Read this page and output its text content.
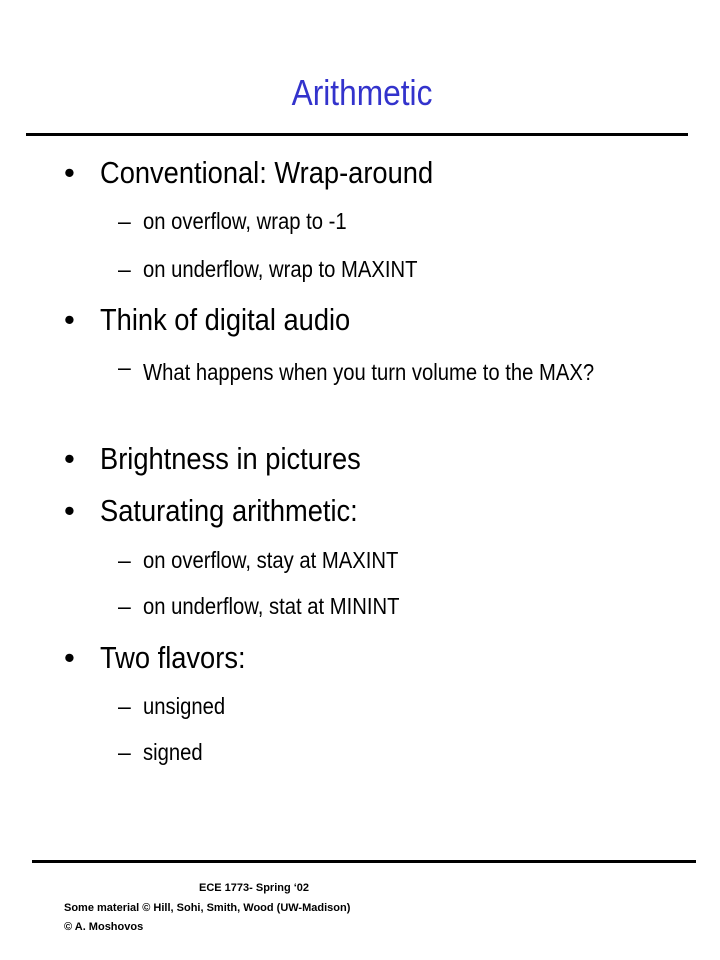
Arithmetic
• Conventional: Wrap-around
– on overflow, wrap to -1
– on underflow, wrap to MAXINT
• Think of digital audio
– What happens when you turn volume to the MAX?
• Brightness in pictures
• Saturating arithmetic:
– on overflow, stay at MAXINT
– on underflow, stat at MININT
• Two flavors:
– unsigned
– signed
ECE 1773- Spring ‘02
Some material © Hill, Sohi, Smith, Wood (UW-Madison)
© A. Moshovos
